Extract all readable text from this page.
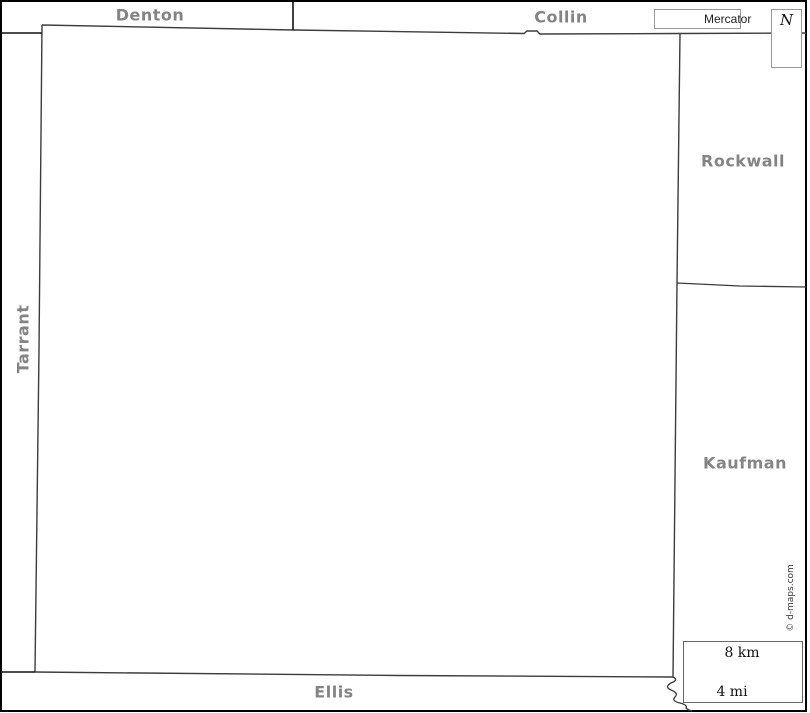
Denton	Collin
Rockwall
Kaufman
Tarrant
Ellis
Mercator N
8 km
4 mi
© d-maps.com
